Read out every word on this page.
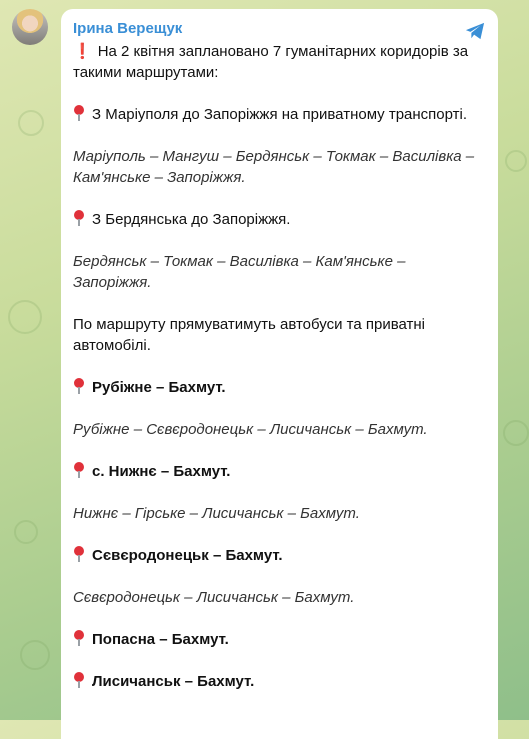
Ірина Верещук

❗ На 2 квітня заплановано 7 гуманітарних коридорів за такими маршрутами:

З Маріуполя до Запоріжжя на приватному транспорті.

Маріуполь – Мангуш – Бердянськ – Токмак – Василівка – Кам'янське – Запоріжжя.

З Бердянська до Запоріжжя.

Бердянськ – Токмак – Василівка – Кам'янське – Запоріжжя.

По маршруту прямуватимуть автобуси та приватні автомобілі.

Рубіжне – Бахмут.

Рубіжне – Сєвєродонецьк – Лисичанськ – Бахмут.

с. Нижнє – Бахмут.

Нижнє – Гірське – Лисичанськ – Бахмут.

Сєвєродонецьк – Бахмут.

Сєвєродонецьк – Лисичанськ – Бахмут.

Попасна – Бахмут.

Лисичанськ – Бахмут.
